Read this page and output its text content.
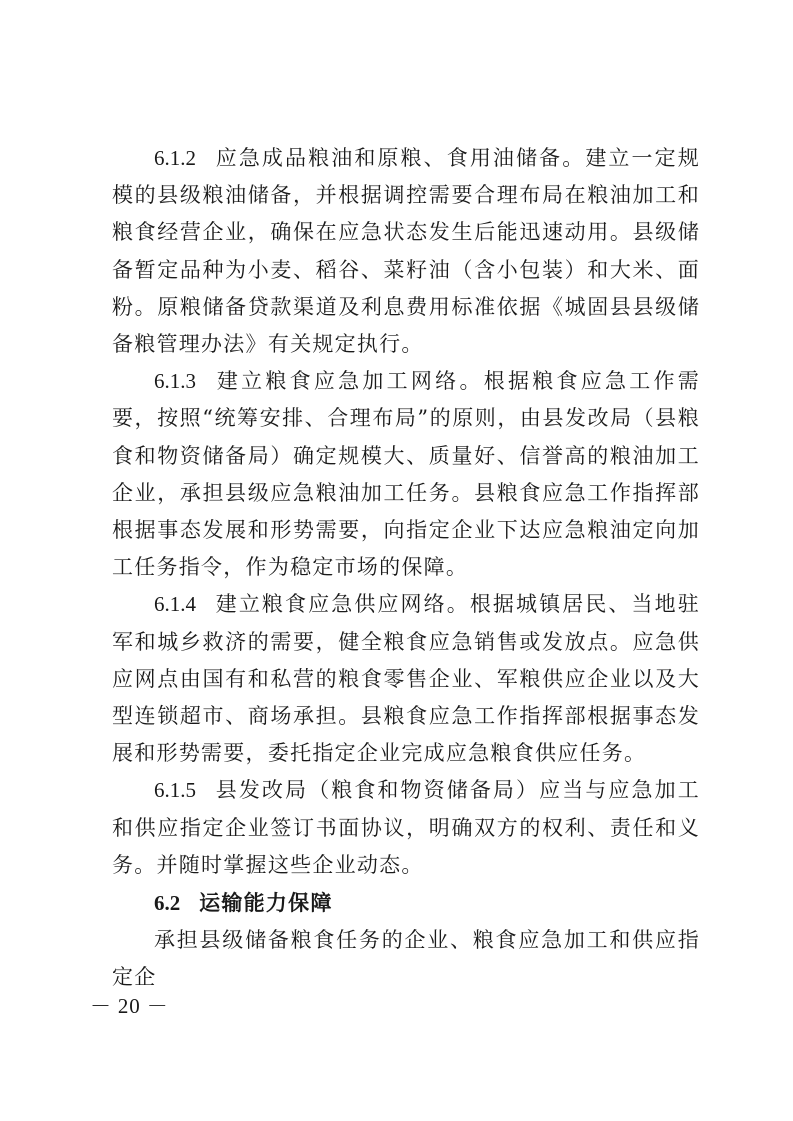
6.1.2 应急成品粮油和原粮、食用油储备。建立一定规模的县级粮油储备，并根据调控需要合理布局在粮油加工和粮食经营企业，确保在应急状态发生后能迅速动用。县级储备暂定品种为小麦、稻谷、菜籽油（含小包装）和大米、面粉。原粮储备贷款渠道及利息费用标准依据《城固县县级储备粮管理办法》有关规定执行。

6.1.3 建立粮食应急加工网络。根据粮食应急工作需要，按照“统筹安排、合理布局”的原则，由县发改局（县粮食和物资储备局）确定规模大、质量好、信誉高的粮油加工企业，承担县级应急粮油加工任务。县粮食应急工作指挥部根据事态发展和形势需要，向指定企业下达应急粮油定向加工任务指令，作为稳定市场的保障。

6.1.4 建立粮食应急供应网络。根据城镇居民、当地驻军和城乡救济的需要，健全粮食应急销售或发放点。应急供应网点由国有和私营的粮食零售企业、军粮供应企业以及大型连锁超市、商场承担。县粮食应急工作指挥部根据事态发展和形势需要，委托指定企业完成应急粮食供应任务。

6.1.5 县发改局（粮食和物资储备局）应当与应急加工和供应指定企业签订书面协议，明确双方的权利、责任和义务。并随时掌握这些企业动态。

6.2 运输能力保障

承担县级储备粮食任务的企业、粮食应急加工和供应指定企

－ 20 －
